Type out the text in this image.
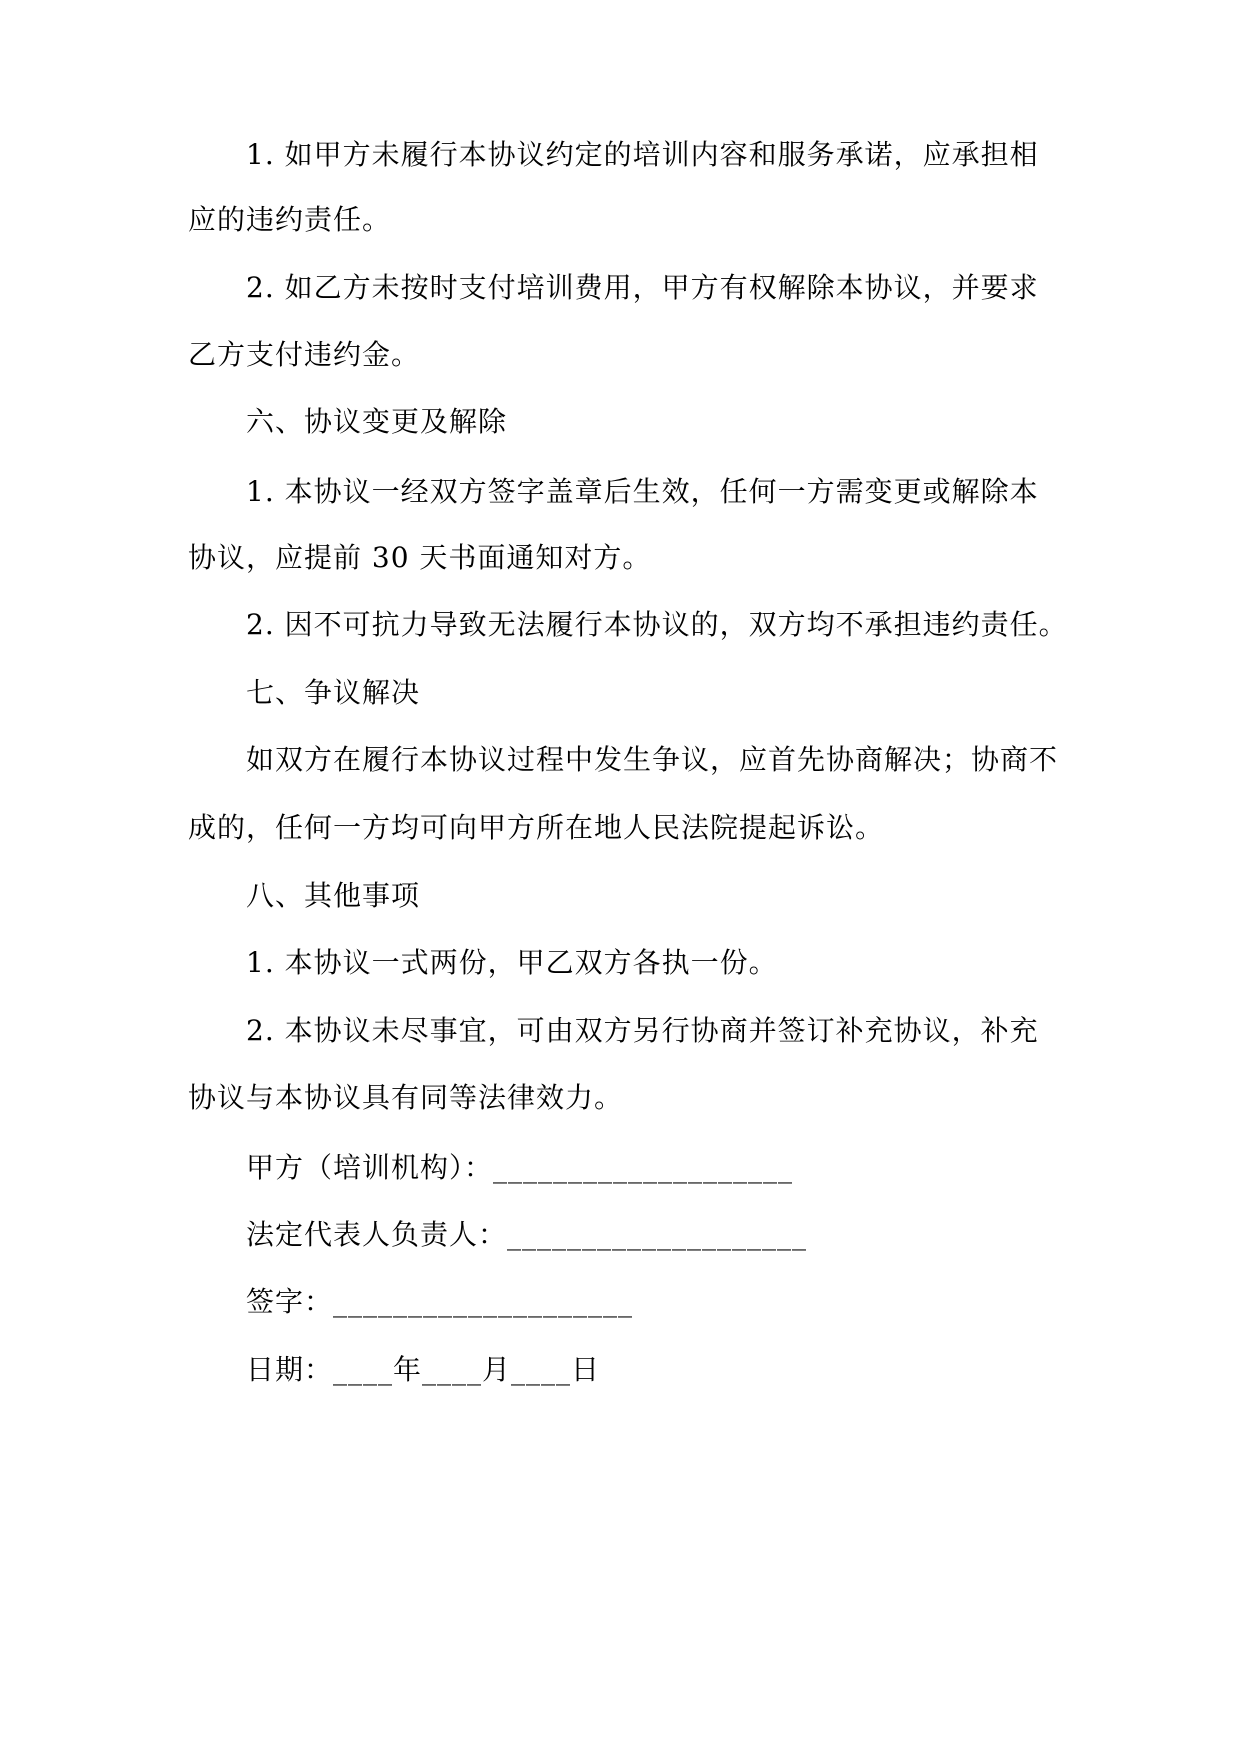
1. 如甲方未履行本协议约定的培训内容和服务承诺，应承担相
应的违约责任。
2. 如乙方未按时支付培训费用，甲方有权解除本协议，并要求
乙方支付违约金。
六、协议变更及解除
1. 本协议一经双方签字盖章后生效，任何一方需变更或解除本
协议，应提前 30 天书面通知对方。
2. 因不可抗力导致无法履行本协议的，双方均不承担违约责任。
七、争议解决
如双方在履行本协议过程中发生争议，应首先协商解决；协商不
成的，任何一方均可向甲方所在地人民法院提起诉讼。
八、其他事项
1. 本协议一式两份，甲乙双方各执一份。
2. 本协议未尽事宜，可由双方另行协商并签订补充协议，补充
协议与本协议具有同等法律效力。
甲方（培训机构）：____________________
法定代表人负责人：____________________
签字：____________________
日期：____年____月____日
